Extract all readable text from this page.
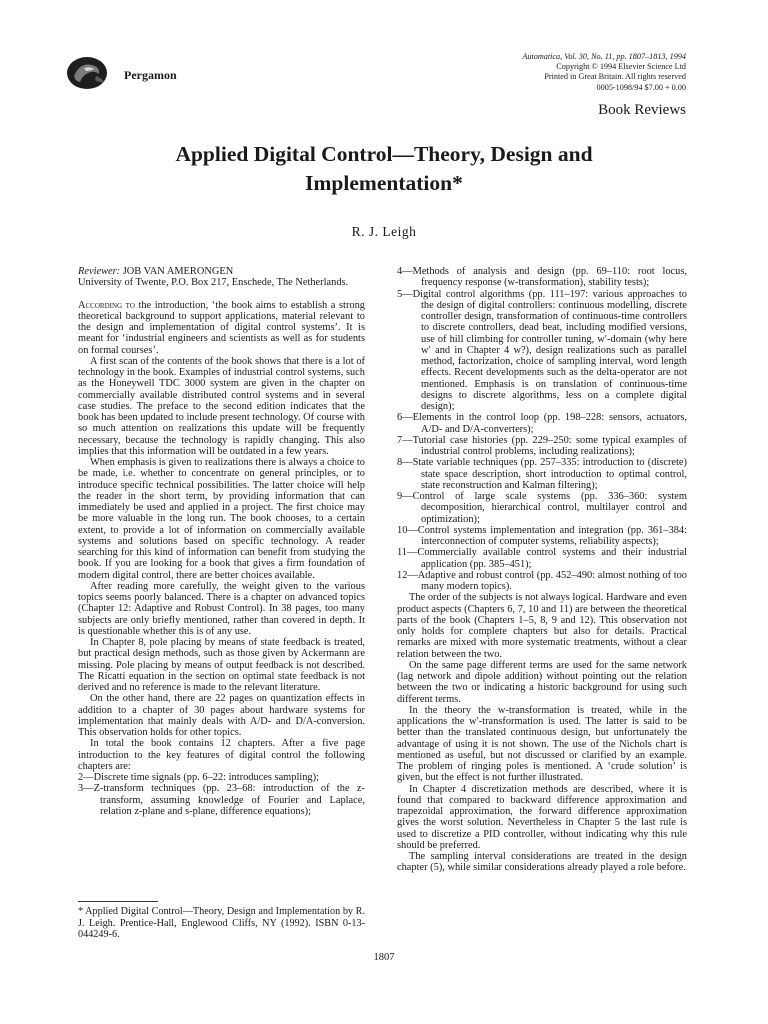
Pergamon
Automatica, Vol. 30, No. 11, pp. 1807–1813, 1994
Copyright © 1994 Elsevier Science Ltd
Printed in Great Britain. All rights reserved
0005-1098/94 $7.00 + 0.00
Book Reviews
Applied Digital Control—Theory, Design and
Implementation*
R. J. Leigh

Reviewer: JOB VAN AMERONGEN
University of Twente, P.O. Box 217, Enschede, The Netherlands.

According to the introduction, ‘the book aims to establish a strong theoretical background to support applications, material relevant to the design and implementation of digital control systems’. It is meant for ‘industrial engineers and scientists as well as for students on formal courses’.

A first scan of the contents of the book shows that there is a lot of technology in the book. Examples of industrial control systems, such as the Honeywell TDC 3000 system are given in the chapter on commercially available distributed control systems and in several case studies. The preface to the second edition indicates that the book has been updated to include present technology. Of course with so much attention on realizations this update will be frequently necessary, because the technology is rapidly changing. This also implies that this information will be outdated in a few years.

When emphasis is given to realizations there is always a choice to be made, i.e. whether to concentrate on general principles, or to introduce specific technical possibilities. The latter choice will help the reader in the short term, by providing information that can immediately be used and applied in a project. The first choice may be more valuable in the long run. The book chooses, to a certain extent, to provide a lot of information on commercially available systems and solutions based on specific technology. A reader searching for this kind of information can benefit from studying the book. If you are looking for a book that gives a firm foundation of modern digital control, there are better choices available.

After reading more carefully, the weight given to the various topics seems poorly balanced. There is a chapter on advanced topics (Chapter 12: Adaptive and Robust Control). In 38 pages, too many subjects are only briefly mentioned, rather than covered in depth. It is questionable whether this is of any use.

In Chapter 8, pole placing by means of state feedback is treated, but practical design methods, such as those given by Ackermann are missing. Pole placing by means of output feedback is not described. The Ricatti equation in the section on optimal state feedback is not derived and no reference is made to the relevant literature.

On the other hand, there are 22 pages on quantization effects in addition to a chapter of 30 pages about hardware systems for implementation that mainly deals with A/D- and D/A-conversion. This observation holds for other topics.

In total the book contains 12 chapters. After a five page introduction to the key features of digital control the following chapters are:

2—Discrete time signals (pp. 6–22: introduces sampling);
3—Z-transform techniques (pp. 23–68: introduction of the z-transform, assuming knowledge of Fourier and Laplace, relation z-plane and s-plane, difference equations);

* Applied Digital Control—Theory, Design and Implementation by R. J. Leigh. Prentice-Hall, Englewood Cliffs, NY (1992). ISBN 0-13-044249-6.

4—Methods of analysis and design (pp. 69–110: root locus, frequency response (w-transformation), stability tests);
5—Digital control algorithms (pp. 111–197: various approaches to the design of digital controllers: continuous modelling, discrete controller design, transformation of continuous-time controllers to discrete controllers, dead beat, including modified versions, use of hill climbing for controller tuning, w′-domain (why here w′ and in Chapter 4 w?), design realizations such as parallel method, factorization, choice of sampling interval, word length effects. Recent developments such as the delta-operator are not mentioned. Emphasis is on translation of continuous-time designs to discrete algorithms, less on a complete digital design);
6—Elements in the control loop (pp. 198–228: sensors, actuators, A/D- and D/A-converters);
7—Tutorial case histories (pp. 229–250: some typical examples of industrial control problems, including realizations);
8—State variable techniques (pp. 257–335: introduction to (discrete) state space description, short introduction to optimal control, state reconstruction and Kalman filtering);
9—Control of large scale systems (pp. 336–360: system decomposition, hierarchical control, multilayer control and optimization);
10—Control systems implementation and integration (pp. 361–384: interconnection of computer systems, reliability aspects);
11—Commercially available control systems and their industrial application (pp. 385–451);
12—Adaptive and robust control (pp. 452–490: almost nothing of too many modern topics).

The order of the subjects is not always logical. Hardware and even product aspects (Chapters 6, 7, 10 and 11) are between the theoretical parts of the book (Chapters 1–5, 8, 9 and 12). This observation not only holds for complete chapters but also for details. Practical remarks are mixed with more systematic treatments, without a clear relation between the two.

On the same page different terms are used for the same network (lag network and dipole addition) without pointing out the relation between the two or indicating a historic background for using such different terms.

In the theory the w-transformation is treated, while in the applications the w′-transformation is used. The latter is said to be better than the translated continuous design, but unfortunately the advantage of using it is not shown. The use of the Nichols chart is mentioned as useful, but not discussed or clarified by an example. The problem of ringing poles is mentioned. A ‘crude solution’ is given, but the effect is not further illustrated.

In Chapter 4 discretization methods are described, where it is found that compared to backward difference approximation and trapezoidal approximation, the forward difference approximation gives the worst solution. Nevertheless in Chapter 5 the last rule is used to discretize a PID controller, without indicating why this rule should be preferred.

The sampling interval considerations are treated in the design chapter (5), while similar considerations already played a role before.

1807
